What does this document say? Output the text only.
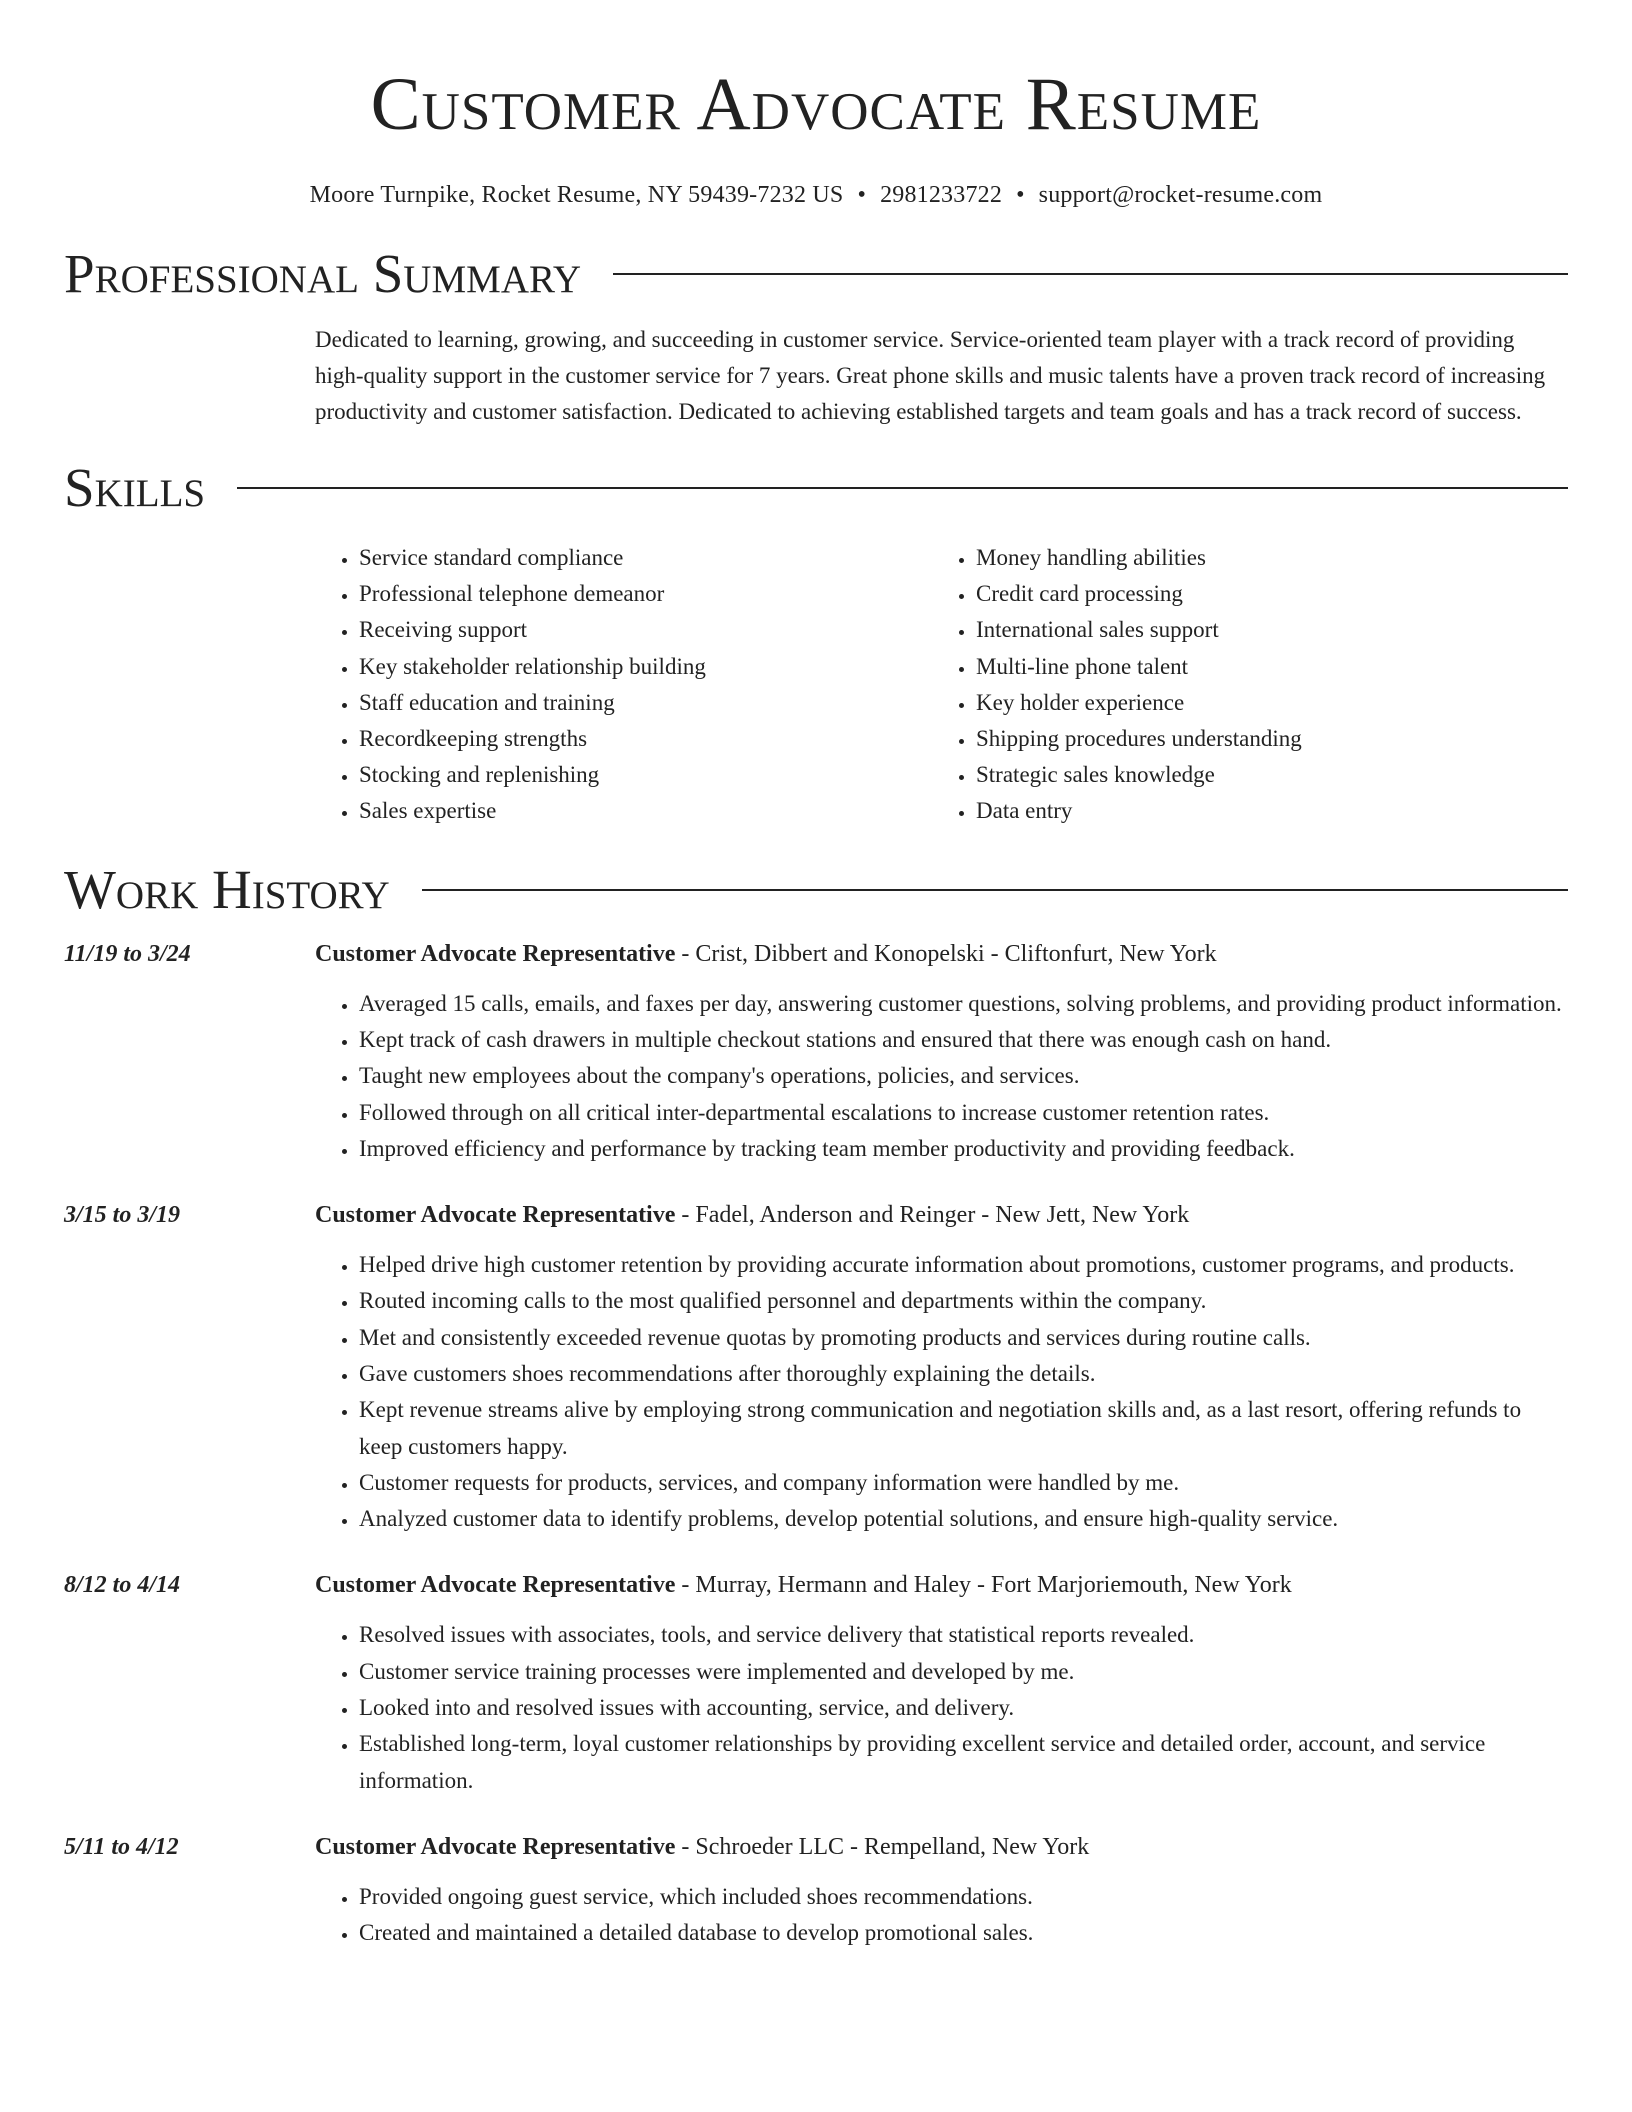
Customer Advocate Resume
Moore Turnpike, Rocket Resume, NY 59439-7232 US • 2981233722 • support@rocket-resume.com
Professional Summary
Dedicated to learning, growing, and succeeding in customer service. Service-oriented team player with a track record of providing high-quality support in the customer service for 7 years. Great phone skills and music talents have a proven track record of increasing productivity and customer satisfaction. Dedicated to achieving established targets and team goals and has a track record of success.
Skills
• Service standard compliance
• Professional telephone demeanor
• Receiving support
• Key stakeholder relationship building
• Staff education and training
• Recordkeeping strengths
• Stocking and replenishing
• Sales expertise
• Money handling abilities
• Credit card processing
• International sales support
• Multi-line phone talent
• Key holder experience
• Shipping procedures understanding
• Strategic sales knowledge
• Data entry
Work History
11/19 to 3/24	Customer Advocate Representative - Crist, Dibbert and Konopelski - Cliftonfurt, New York
• Averaged 15 calls, emails, and faxes per day, answering customer questions, solving problems, and providing product information.
• Kept track of cash drawers in multiple checkout stations and ensured that there was enough cash on hand.
• Taught new employees about the company's operations, policies, and services.
• Followed through on all critical inter-departmental escalations to increase customer retention rates.
• Improved efficiency and performance by tracking team member productivity and providing feedback.
3/15 to 3/19	Customer Advocate Representative - Fadel, Anderson and Reinger - New Jett, New York
• Helped drive high customer retention by providing accurate information about promotions, customer programs, and products.
• Routed incoming calls to the most qualified personnel and departments within the company.
• Met and consistently exceeded revenue quotas by promoting products and services during routine calls.
• Gave customers shoes recommendations after thoroughly explaining the details.
• Kept revenue streams alive by employing strong communication and negotiation skills and, as a last resort, offering refunds to keep customers happy.
• Customer requests for products, services, and company information were handled by me.
• Analyzed customer data to identify problems, develop potential solutions, and ensure high-quality service.
8/12 to 4/14	Customer Advocate Representative - Murray, Hermann and Haley - Fort Marjoriemouth, New York
• Resolved issues with associates, tools, and service delivery that statistical reports revealed.
• Customer service training processes were implemented and developed by me.
• Looked into and resolved issues with accounting, service, and delivery.
• Established long-term, loyal customer relationships by providing excellent service and detailed order, account, and service information.
5/11 to 4/12	Customer Advocate Representative - Schroeder LLC - Rempelland, New York
• Provided ongoing guest service, which included shoes recommendations.
• Created and maintained a detailed database to develop promotional sales.
